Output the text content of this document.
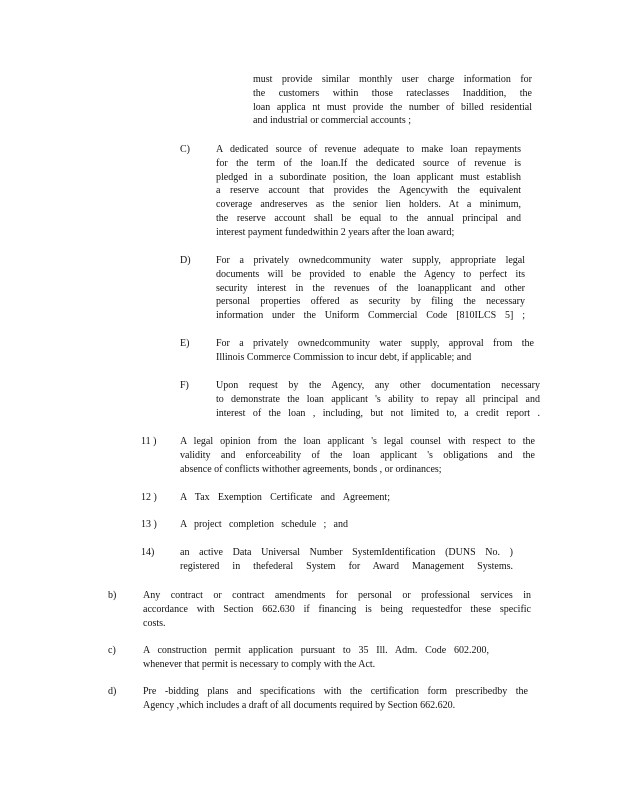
must provide similar monthly user charge information for
the customers within those rateclasses Inaddition, the
loan applica nt must provide the number of billed residential
and industrial or commercial accounts ;
C)	A dedicated source of revenue adequate to make loan repayments
for the term of the loan.If the dedicated source of revenue is
pledged in a subordinate position, the loan applicant must establish
a reserve account that provides the Agencywith the equivalent
coverage andreserves as the senior lien holders. At a minimum,
the reserve account shall be equal to the annual principal and
interest payment fundedwithin 2 years after the loan award;
D)	For a privately ownedcommunity water supply, appropriate legal
documents will be provided to enable the Agency to perfect its
security interest in the revenues of the loanapplicant and other
personal properties offered as security by filing the necessary
information under the Uniform Commercial Code [810ILCS 5] ;
E)	For a privately ownedcommunity water supply, approval from the
Illinois Commerce Commission to incur debt, if applicable; and
F)	Upon request by the Agency, any other documentation necessary
to demonstrate the loan applicant 's ability to repay all principal and
interest of the loan , including, but not limited to, a credit report .
11 ) A legal opinion from the loan applicant 's legal counsel with respect to the
validity and enforceability of the loan applicant 's obligations and the
absence of conflicts withother agreements, bonds , or ordinances;
12 ) A Tax Exemption Certificate and Agreement;
13 ) A project completion schedule ; and
14)	an active Data Universal Number SystemIdentification (DUNS No. )
registered in thefederal System for Award Management Systems.
b)	Any contract or contract amendments for personal or professional services in
accordance with Section 662.630 if financing is being requestedfor these specific
costs.
c)	A construction permit application pursuant to 35 Ill. Adm. Code 602.200,
whenever that permit is necessary to comply with the Act.
d)	Pre -bidding plans and specifications with the certification form prescribedby the
Agency ,which includes a draft of all documents required by Section 662.620.
